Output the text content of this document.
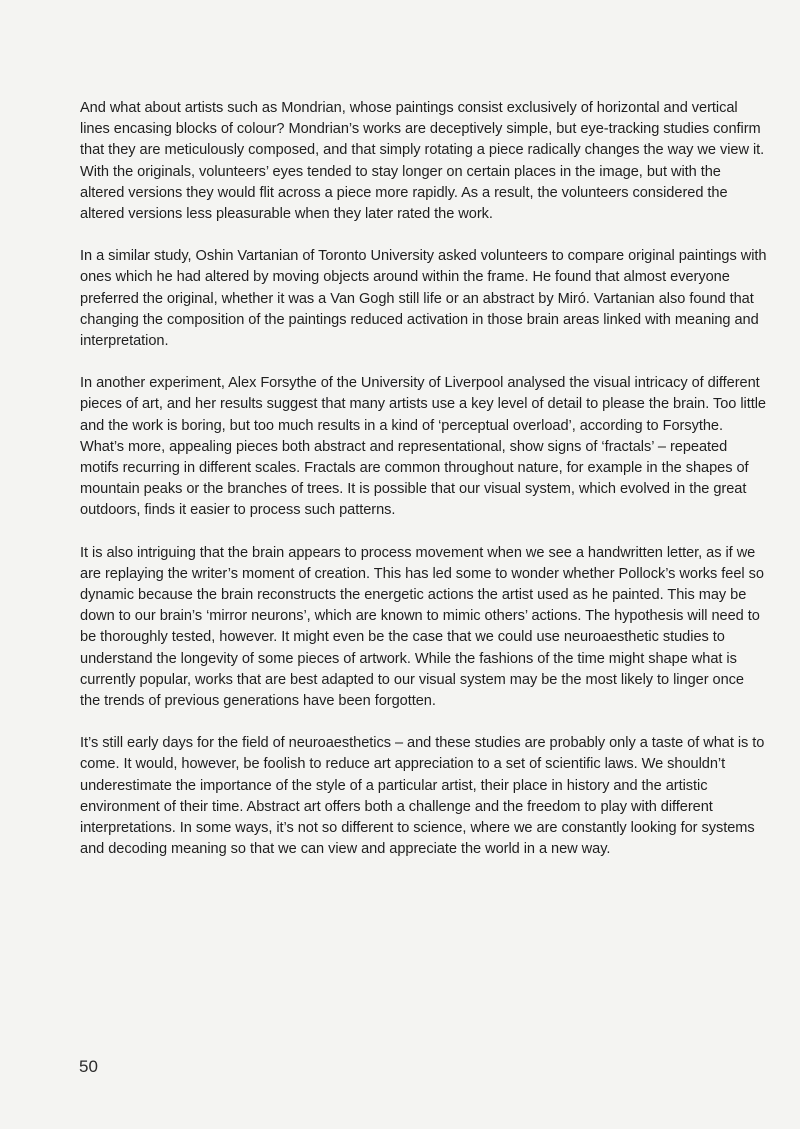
And what about artists such as Mondrian, whose paintings consist exclusively of horizontal and vertical lines encasing blocks of colour? Mondrian’s works are deceptively simple, but eye-tracking studies confirm that they are meticulously composed, and that simply rotating a piece radically changes the way we view it. With the originals, volunteers’ eyes tended to stay longer on certain places in the image, but with the altered versions they would flit across a piece more rapidly. As a result, the volunteers considered the altered versions less pleasurable when they later rated the work.

In a similar study, Oshin Vartanian of Toronto University asked volunteers to compare original paintings with ones which he had altered by moving objects around within the frame. He found that almost everyone preferred the original, whether it was a Van Gogh still life or an abstract by Miró. Vartanian also found that changing the composition of the paintings reduced activation in those brain areas linked with meaning and interpretation.

In another experiment, Alex Forsythe of the University of Liverpool analysed the visual intricacy of different pieces of art, and her results suggest that many artists use a key level of detail to please the brain. Too little and the work is boring, but too much results in a kind of ‘perceptual overload’, according to Forsythe. What’s more, appealing pieces both abstract and representational, show signs of ‘fractals’ – repeated motifs recurring in different scales. Fractals are common throughout nature, for example in the shapes of mountain peaks or the branches of trees. It is possible that our visual system, which evolved in the great outdoors, finds it easier to process such patterns.

It is also intriguing that the brain appears to process movement when we see a handwritten letter, as if we are replaying the writer’s moment of creation. This has led some to wonder whether Pollock’s works feel so dynamic because the brain reconstructs the energetic actions the artist used as he painted. This may be down to our brain’s ‘mirror neurons’, which are known to mimic others’ actions. The hypothesis will need to be thoroughly tested, however. It might even be the case that we could use neuroaesthetic studies to understand the longevity of some pieces of artwork. While the fashions of the time might shape what is currently popular, works that are best adapted to our visual system may be the most likely to linger once the trends of previous generations have been forgotten.

It’s still early days for the field of neuroaesthetics – and these studies are probably only a taste of what is to come. It would, however, be foolish to reduce art appreciation to a set of scientific laws. We shouldn’t underestimate the importance of the style of a particular artist, their place in history and the artistic environment of their time. Abstract art offers both a challenge and the freedom to play with different interpretations. In some ways, it’s not so different to science, where we are constantly looking for systems and decoding meaning so that we can view and appreciate the world in a new way.

50
